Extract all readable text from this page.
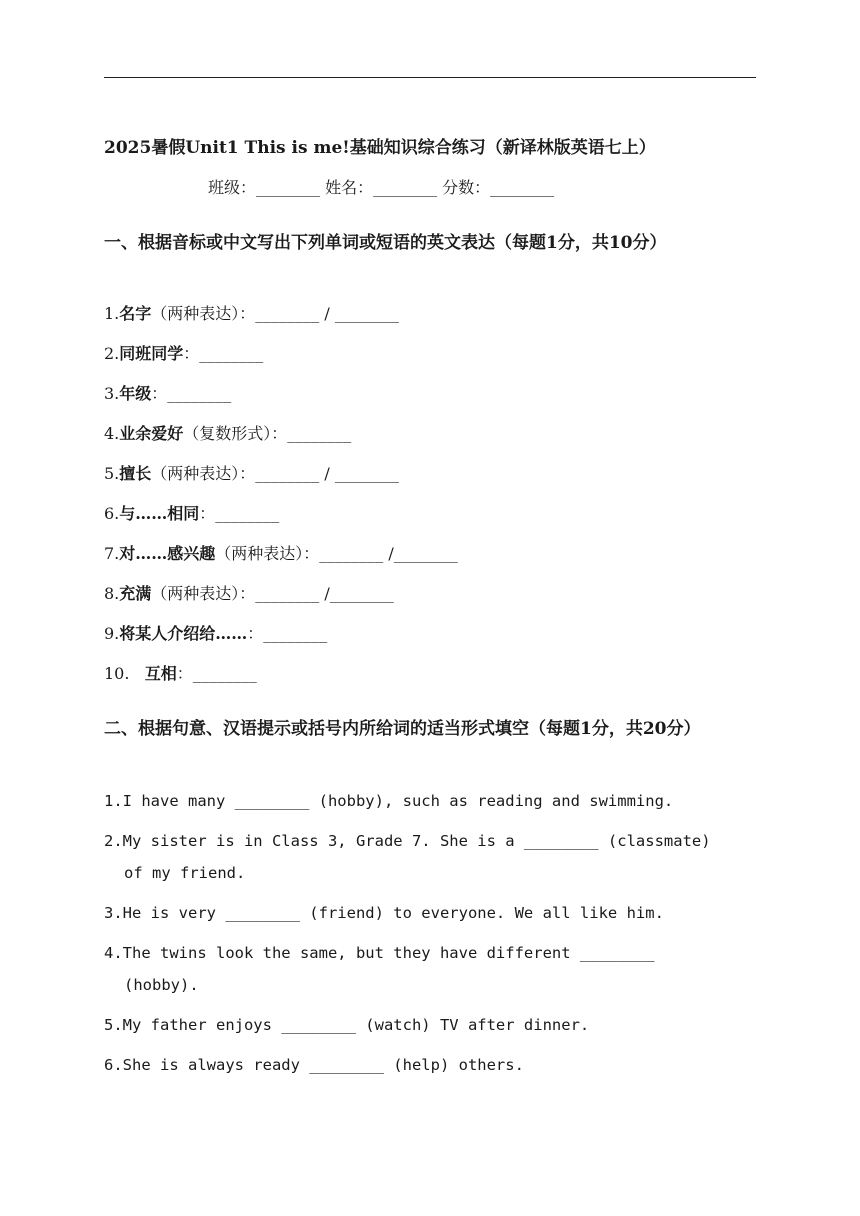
2025暑假Unit1 This is me!基础知识综合练习（新译林版英语七上）
班级：________ 姓名：________ 分数：________
一、根据音标或中文写出下列单词或短语的英文表达（每题1分，共10分）
1.名字（两种表达）：________ / ________
2.同班同学：________
3.年级：________
4.业余爱好（复数形式）：________
5.擅长（两种表达）：________ / ________
6.与……相同：________
7.对……感兴趣（两种表达）：________ /________
8.充满（两种表达）：________ /________
9.将某人介绍给……：________
10.   互相：________
二、根据句意、汉语提示或括号内所给词的适当形式填空（每题1分，共20分）
1.I have many ________ (hobby), such as reading and swimming.
2.My sister is in Class 3, Grade 7. She is a ________ (classmate)
of my friend.
3.He is very ________ (friend) to everyone. We all like him.
4.The twins look the same, but they have different ________
(hobby).
5.My father enjoys ________ (watch) TV after dinner.
6.She is always ready ________ (help) others.
